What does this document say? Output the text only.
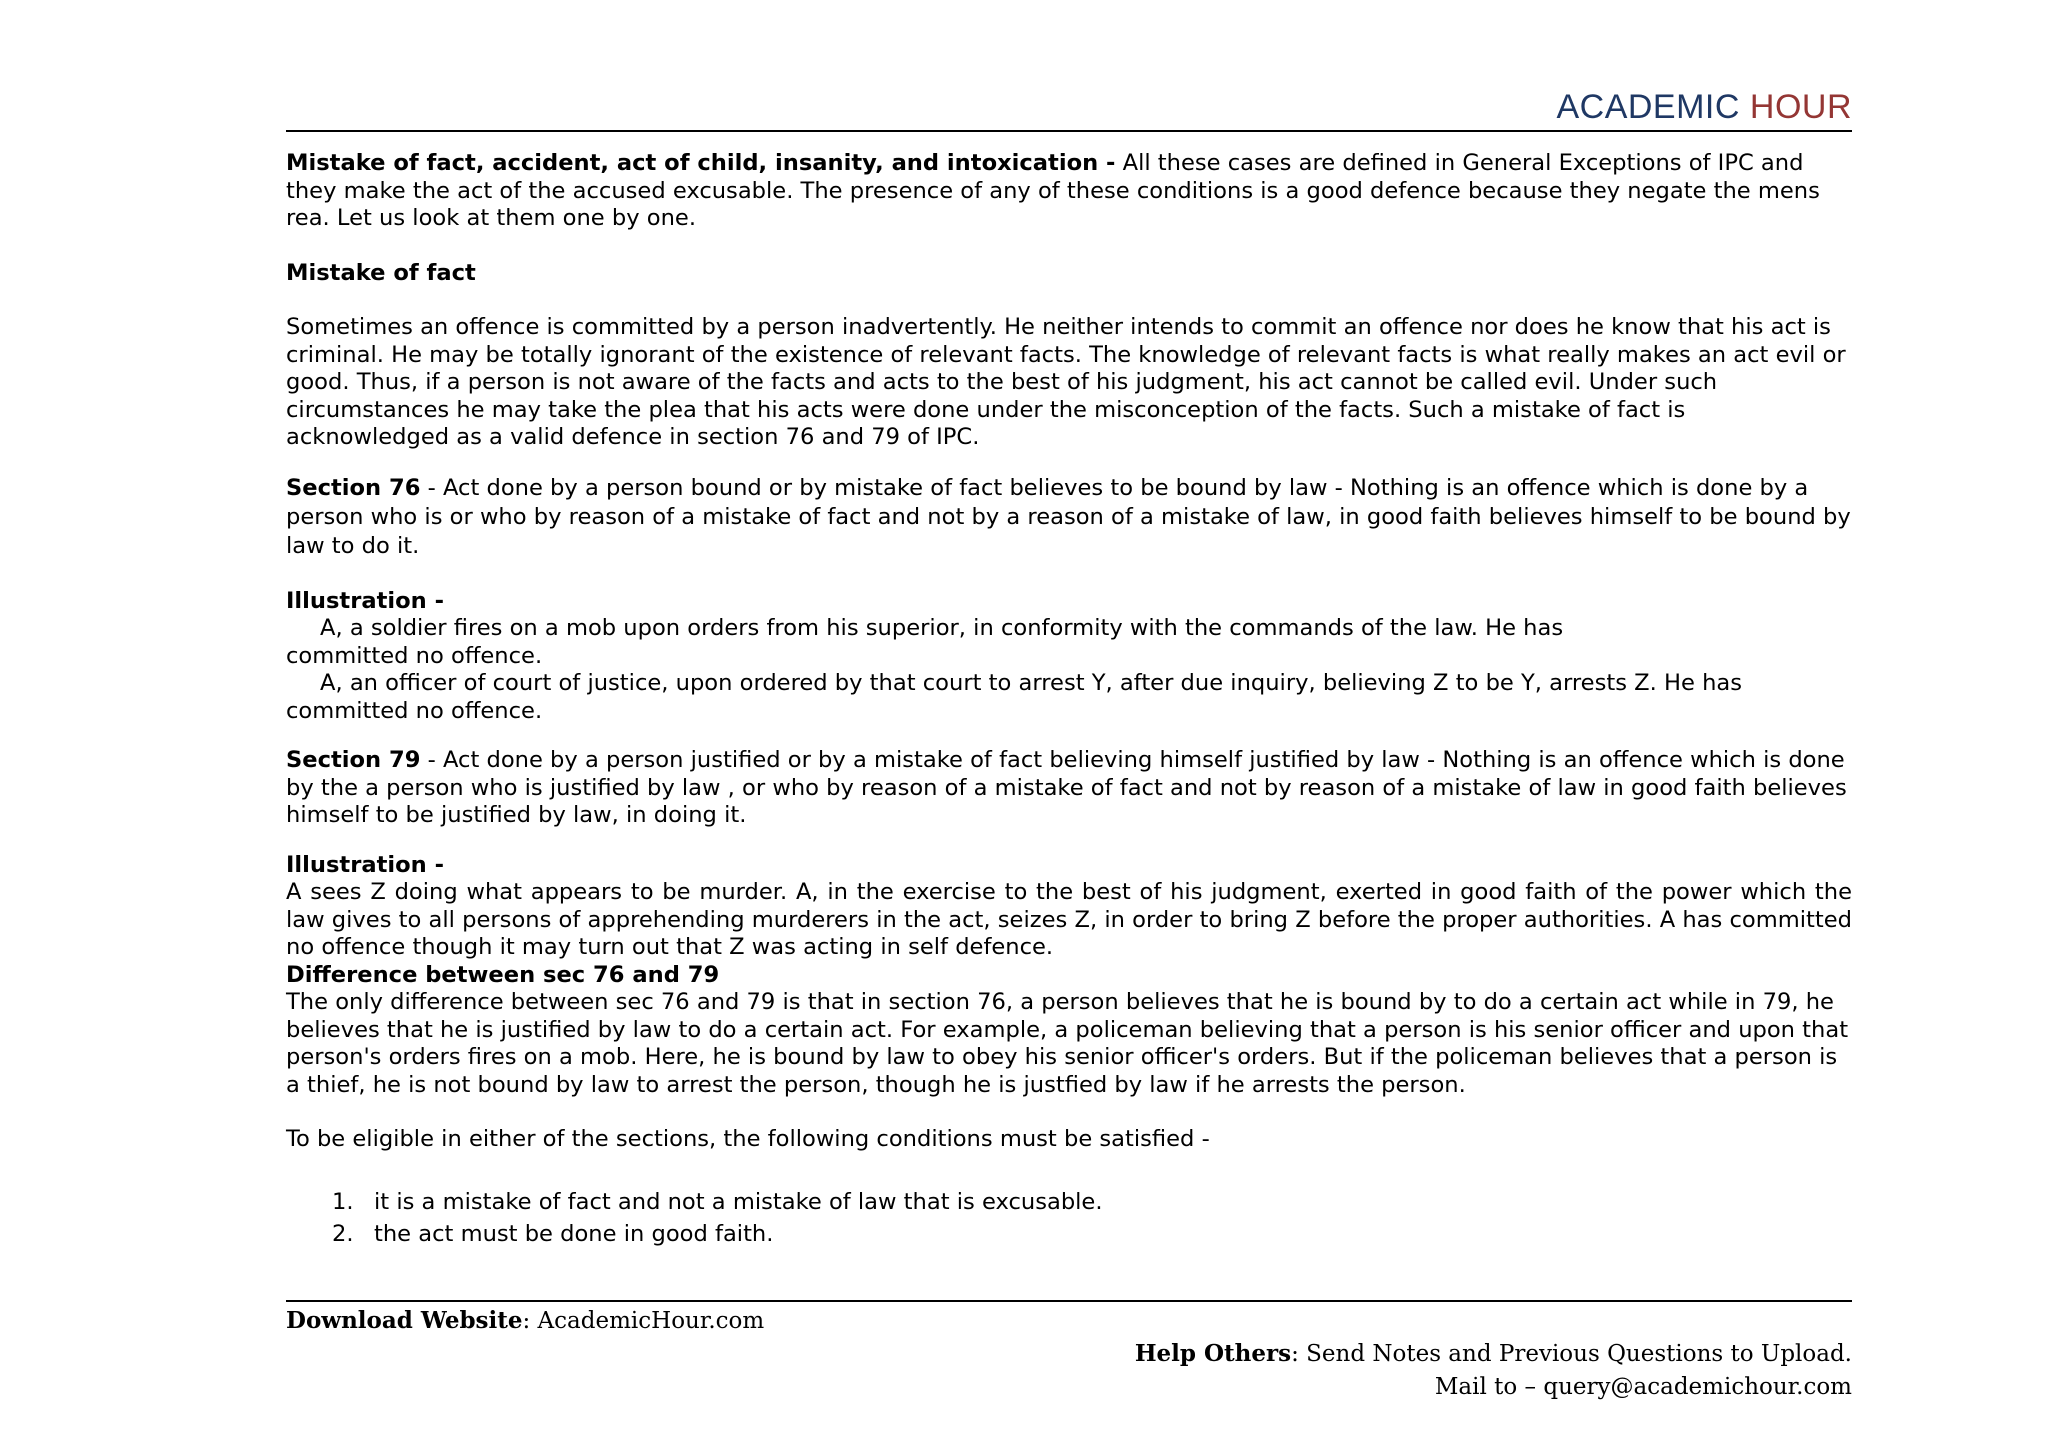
ACADEMIC HOUR

Mistake of fact, accident, act of child, insanity, and intoxication - All these cases are defined in General Exceptions of IPC and they make the act of the accused excusable. The presence of any of these conditions is a good defence because they negate the mens rea. Let us look at them one by one.

Mistake of fact

Sometimes an offence is committed by a person inadvertently. He neither intends to commit an offence nor does he know that his act is criminal. He may be totally ignorant of the existence of relevant facts. The knowledge of relevant facts is what really makes an act evil or good. Thus, if a person is not aware of the facts and acts to the best of his judgment, his act cannot be called evil. Under such circumstances he may take the plea that his acts were done under the misconception of the facts. Such a mistake of fact is acknowledged as a valid defence in section 76 and 79 of IPC.

Section 76 - Act done by a person bound or by mistake of fact believes to be bound by law - Nothing is an offence which is done by a person who is or who by reason of a mistake of fact and not by a reason of a mistake of law, in good faith believes himself to be bound by law to do it.

Illustration -

A, a soldier fires on a mob upon orders from his superior, in conformity with the commands of the law. He has

committed no offence.

A, an officer of court of justice, upon ordered by that court to arrest Y, after due inquiry, believing Z to be Y, arrests Z. He has

committed no offence.

Section 79 - Act done by a person justified or by a mistake of fact believing himself justified by law - Nothing is an offence which is done by the a person who is justified by law , or who by reason of a mistake of fact and not by reason of a mistake of law in good faith believes himself to be justified by law, in doing it.

Illustration -

A sees Z doing what appears to be murder. A, in the exercise to the best of his judgment, exerted in good faith of the power which the law gives to all persons of apprehending murderers in the act, seizes Z, in order to bring Z before the proper authorities. A has committed no offence though it may turn out that Z was acting in self defence.

Difference between sec 76 and 79

The only difference between sec 76 and 79 is that in section 76, a person believes that he is bound by to do a certain act while in 79, he believes that he is justified by law to do a certain act. For example, a policeman believing that a person is his senior officer and upon that person's orders fires on a mob. Here, he is bound by law to obey his senior officer's orders. But if the policeman believes that a person is a thief, he is not bound by law to arrest the person, though he is justfied by law if he arrests the person.

To be eligible in either of the sections, the following conditions must be satisfied -

1. it is a mistake of fact and not a mistake of law that is excusable.
2. the act must be done in good faith.
Download Website: AcademicHour.com
Help Others: Send Notes and Previous Questions to Upload.
Mail to – query@academichour.com
